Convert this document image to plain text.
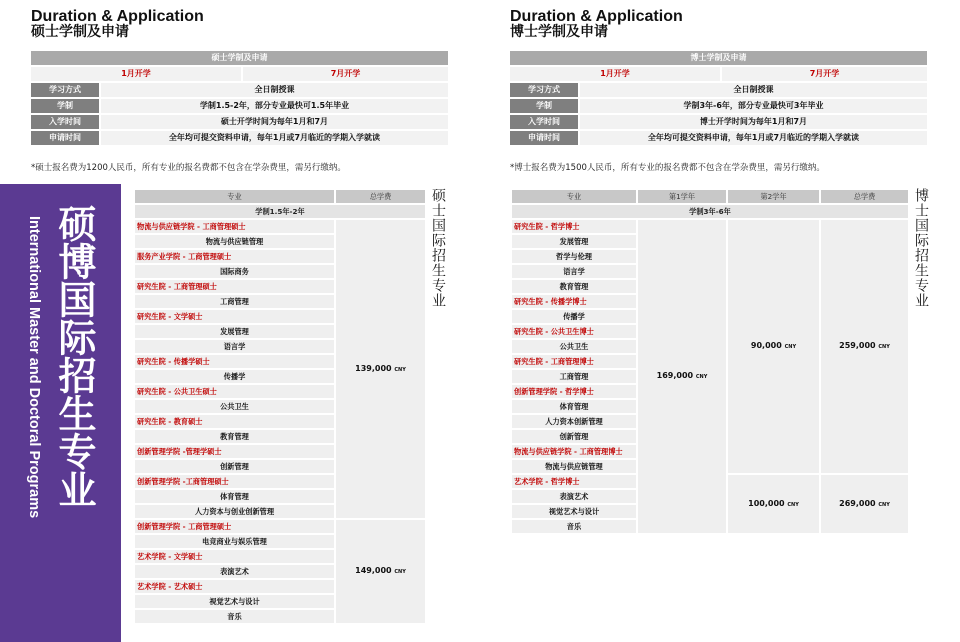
Duration & Application
硕士学制及申请
硕士学制及申请		
1月开学		7月开学
学习方式	全日制授课	
学制	学制1.5-2年，部分专业最快可1.5年毕业	
入学时间	硕士开学时间为每年1月和7月	
申请时间	全年均可提交资料申请，每年1月或7月临近的学期入学就读	
*硕士报名费为1200人民币，所有专业的报名费都不包含在学杂费里，需另行缴纳。
Duration & Application
博士学制及申请
博士学制及申请		
1月开学		7月开学
学习方式	全日制授课	
学制	学制3年-6年，部分专业最快可3年毕业	
入学时间	博士开学时间为每年1月和7月	
申请时间	全年均可提交资料申请，每年1月或7月临近的学期入学就读	
*博士报名费为1500人民币，所有专业的报名费都不包含在学杂费里，需另行缴纳。
硕博国际招生专业
International Master and Doctoral Programs
专业	总学费
学制1.5年-2年	
物流与供应链学院 - 工商管理硕士	139,000 CNY
物流与供应链管理	
服务产业学院 - 工商管理硕士	
国际商务	
研究生院 - 工商管理硕士	
工商管理	
研究生院 - 文学硕士	
发展管理	
语言学	
研究生院 - 传播学硕士	
传播学	
研究生院 - 公共卫生硕士	
公共卫生	
研究生院 - 教育硕士	
教育管理	
创新管理学院 -管理学硕士	
创新管理	
创新管理学院 -工商管理硕士	
体育管理	
人力资本与创业创新管理	
创新管理学院 - 工商管理硕士	149,000 CNY
电竞商业与娱乐管理	
艺术学院 - 文学硕士	
表演艺术	
艺术学院 - 艺术硕士	
视觉艺术与设计	
音乐	
硕士国际招生专业	专业	第1学年	第2学年	总学费
学制3年-6年			
研究生院 - 哲学博士	169,000 CNY	90,000 CNY	259,000 CNY
发展管理			
哲学与伦理			
语言学			
教育管理			
研究生院 - 传播学博士			
传播学			
研究生院 - 公共卫生博士			
公共卫生			
研究生院 - 工商管理博士			
工商管理			
创新管理学院 - 哲学博士			
体育管理			
人力资本创新管理			
创新管理			
物流与供应链学院 - 工商管理博士			
物流与供应链管理			
艺术学院 - 哲学博士		100,000 CNY	269,000 CNY
表演艺术			
视觉艺术与设计			
音乐			
博士国际招生专业
